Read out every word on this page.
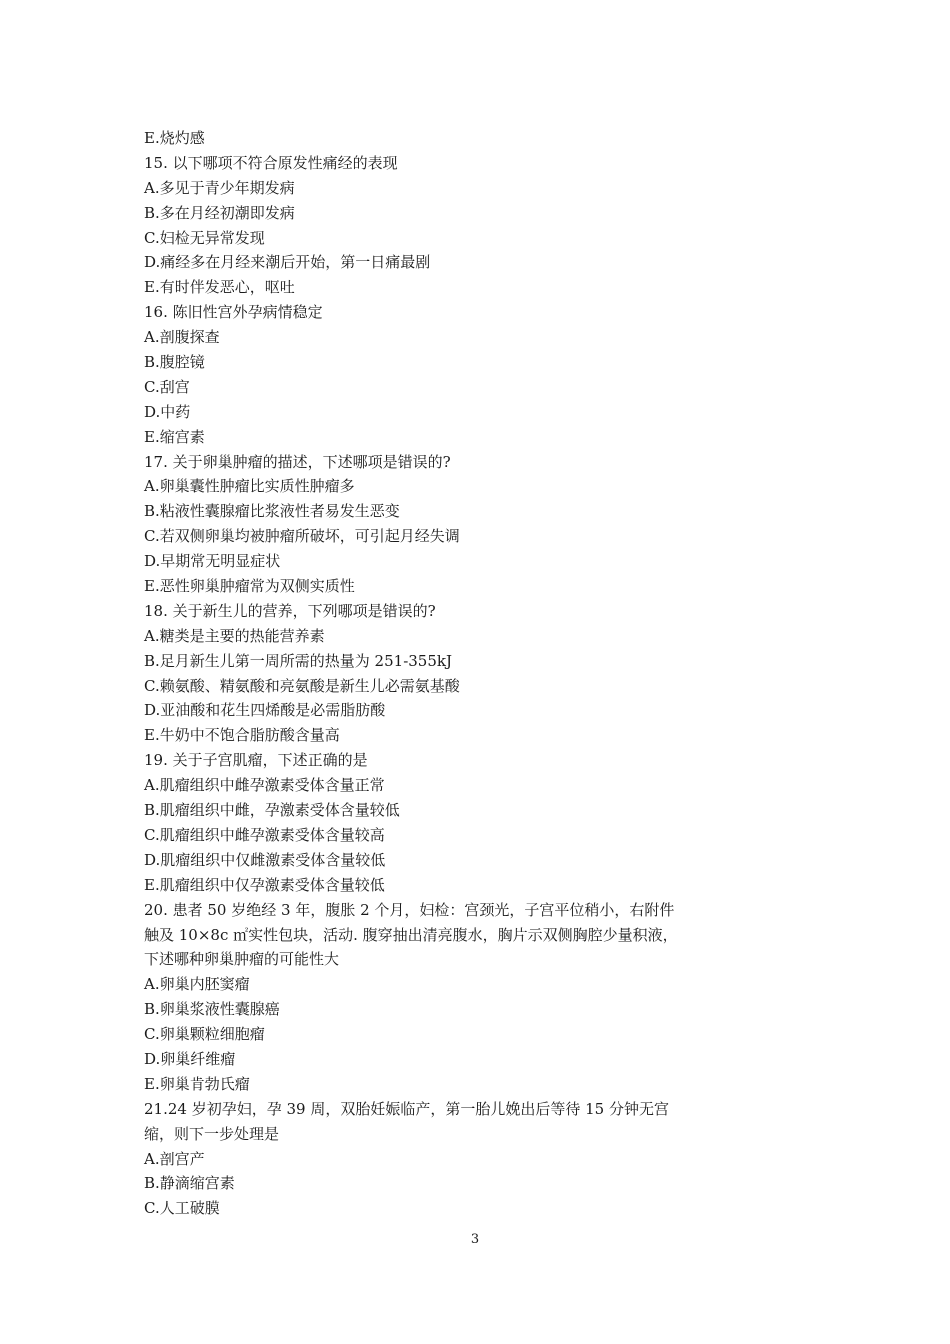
E.烧灼感
15. 以下哪项不符合原发性痛经的表现
A.多见于青少年期发病
B.多在月经初潮即发病
C.妇检无异常发现
D.痛经多在月经来潮后开始，第一日痛最剧
E.有时伴发恶心，呕吐
16. 陈旧性宫外孕病情稳定
A.剖腹探查
B.腹腔镜
C.刮宫
D.中药
E.缩宫素
17. 关于卵巢肿瘤的描述，下述哪项是错误的?
A.卵巢囊性肿瘤比实质性肿瘤多
B.粘液性囊腺瘤比浆液性者易发生恶变
C.若双侧卵巢均被肿瘤所破坏，可引起月经失调
D.早期常无明显症状
E.恶性卵巢肿瘤常为双侧实质性
18. 关于新生儿的营养，下列哪项是错误的?
A.糖类是主要的热能营养素
B.足月新生儿第一周所需的热量为 251-355kJ
C.赖氨酸、精氨酸和亮氨酸是新生儿必需氨基酸
D.亚油酸和花生四烯酸是必需脂肪酸
E.牛奶中不饱合脂肪酸含量高
19. 关于子宫肌瘤，下述正确的是
A.肌瘤组织中雌孕激素受体含量正常
B.肌瘤组织中雌，孕激素受体含量较低
C.肌瘤组织中雌孕激素受体含量较高
D.肌瘤组织中仅雌激素受体含量较低
E.肌瘤组织中仅孕激素受体含量较低
20. 患者 50 岁绝经 3 年，腹胀 2 个月，妇检：宫颈光，子宫平位稍小，右附件
触及 10×8c ㎡实性包块，活动. 腹穿抽出清亮腹水，胸片示双侧胸腔少量积液，
下述哪种卵巢肿瘤的可能性大
A.卵巢内胚窦瘤
B.卵巢浆液性囊腺癌
C.卵巢颗粒细胞瘤
D.卵巢纤维瘤
E.卵巢肯勃氏瘤
21.24 岁初孕妇，孕 39 周，双胎妊娠临产，第一胎儿娩出后等待 15 分钟无宫
缩，则下一步处理是
A.剖宫产
B.静滴缩宫素
C.人工破膜
3
